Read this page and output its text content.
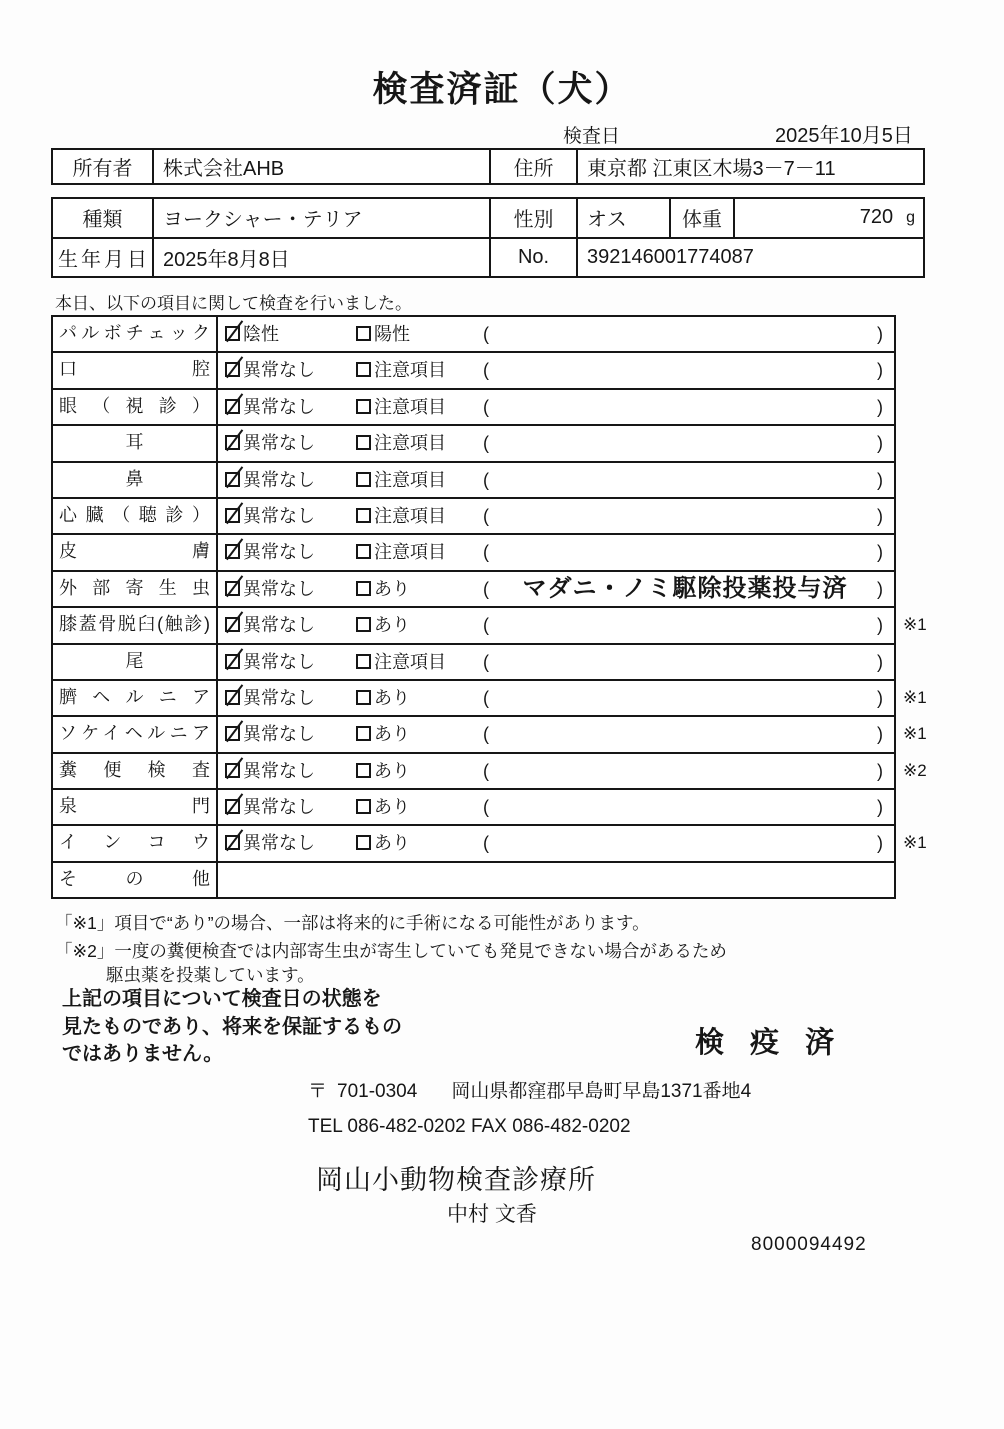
検査済証（犬）
検査日	2025年10月5日
所有者	株式会社AHB	住所	東京都 江東区木場3－7－11
種類	ヨークシャー・テリア	性別	オス	体重	720 g
生年月日 2025年8月8日	No.	392146001774087
本日、以下の項目に関して検査を行いました。
パルボチェック	陰性	陽性	(	)
口腔	異常なし	注意項目 (	)
眼（視診）	異常なし	注意項目 (	)
耳	異常なし	注意項目 (	)
鼻	異常なし	注意項目 (	)
心臓（聴診）	異常なし	注意項目 (	)
皮膚	異常なし	注意項目 (	)
外部寄生虫	異常なし	あり	(	マダニ・ノミ駆除投薬投与済	)
膝蓋骨脱臼(触診)	異常なし	あり	(	) ※1
尾	異常なし	注意項目 (	)
臍ヘルニア	異常なし	あり	(	) ※1
ソケイヘルニア	異常なし	あり	(	) ※1
糞便検査	異常なし	あり	(	) ※2
泉門	異常なし	あり	(	)
インコウ	異常なし	あり	(	) ※1
その他
「※1」項目で“あり”の場合、一部は将来的に手術になる可能性があります。
「※2」一度の糞便検査では内部寄生虫が寄生していても発見できない場合があるため
駆虫薬を投薬しています。
上記の項目について検査日の状態を
見たものであり、将来を保証するもの
ではありません。	検 疫 済
〒 701-0304 岡山県都窪郡早島町早島1371番地4
TEL 086-482-0202 FAX 086-482-0202
岡山小動物検査診療所
中村 文香
8000094492
